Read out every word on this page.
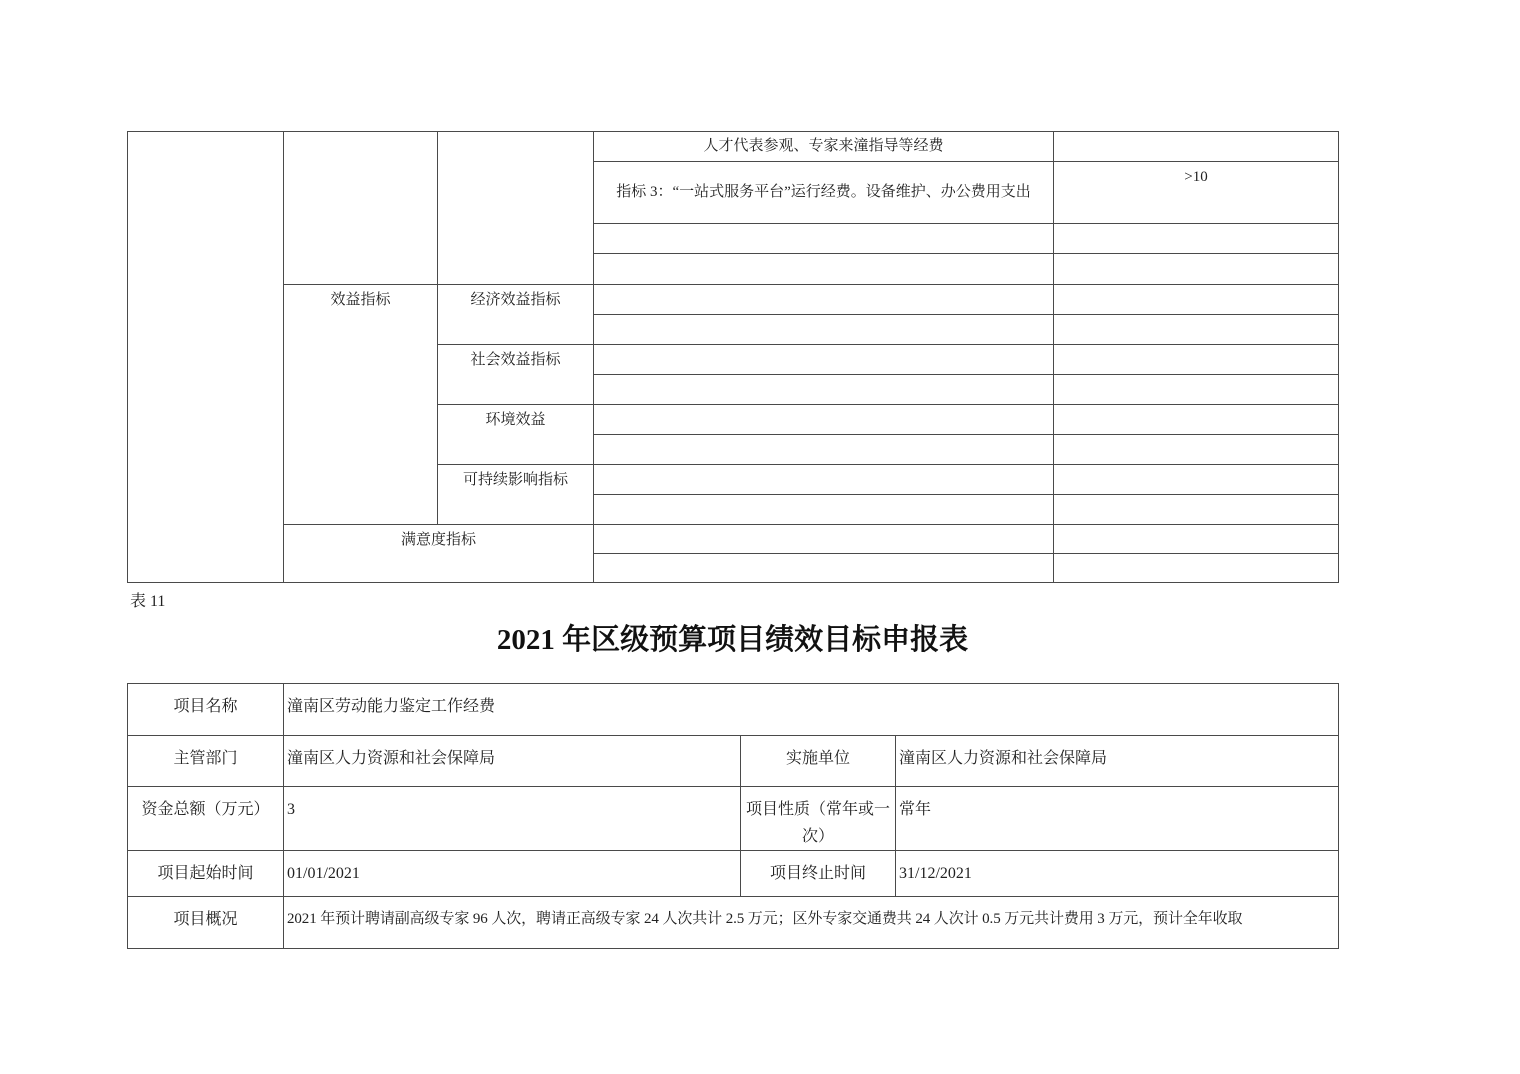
			人才代表参观、专家来潼指导等经费	
			指标 3：“一站式服务平台”运行经费。设备维护、办公费用支出	>10

	效益指标	经济效益指标		

		社会效益指标		

		环境效益		

		可持续影响指标		

	满意度指标			

表 11
2021 年区级预算项目绩效目标申报表
项目名称	潼南区劳动能力鉴定工作经费		
主管部门	潼南区人力资源和社会保障局	实施单位	潼南区人力资源和社会保障局
资金总额（万元）	3	项目性质（常年或一次）	常年
项目起始时间	01/01/2021	项目终止时间	31/12/2021
项目概况	2021 年预计聘请副高级专家 96 人次，聘请正高级专家 24 人次共计 2.5 万元；区外专家交通费共 24 人次计 0.5 万元共计费用 3 万元，预计全年收取		
